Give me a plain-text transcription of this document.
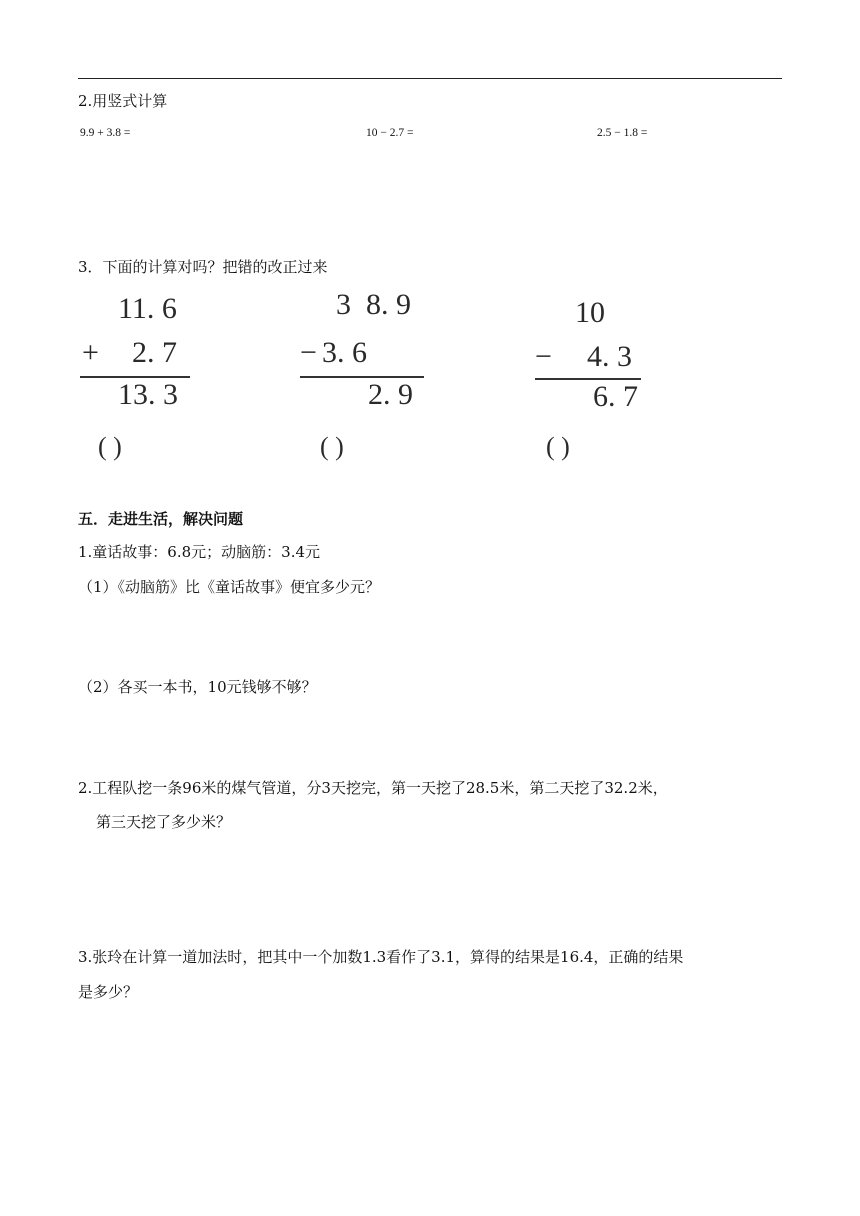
2.用竖式计算
9.9 + 3.8 =	10 − 2.7 =	2.5 − 1.8 =
3．下面的计算对吗？把错的改正过来
11. 6
+ 2. 7
13. 3
( )
3  8. 9
− 3. 6
2. 9
( )
10
− 4. 3
6. 7
( )
五．走进生活，解决问题
1.童话故事：6.8元；动脑筋：3.4元
（1）《动脑筋》比《童话故事》便宜多少元？
（2）各买一本书，10元钱够不够？
2.工程队挖一条96米的煤气管道，分3天挖完，第一天挖了28.5米，第二天挖了32.2米，
第三天挖了多少米？
3.张玲在计算一道加法时，把其中一个加数1.3看作了3.1，算得的结果是16.4，正确的结果
是多少？
